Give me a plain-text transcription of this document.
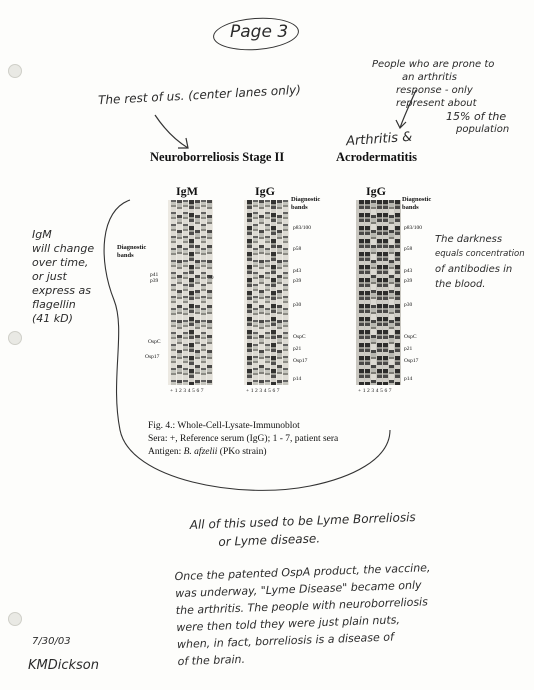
Page 3
The rest of us. (center lanes only)
People who are prone to
an arthritis
response - only
represent about
15% of the
population
Arthritis &
Neuroborreliosis Stage II	Acrodermatitis
IgM
will change
over time,
or just
express as
flagellin
(41 kD)
IgM
Diagnostic bands
p41
p39	30
OspC
Osp17
+1234567
IgG
Diagnostic bands
p83/100
p58
p43
p39
p30
OspC
p21
Osp17
p14
+1234567
IgG
Diagnostic bands
p83/100
p58
p43
p39
p30
OspC
p21
Osp17
p14
+1234567
The darkness
equals concentration
of antibodies in
the blood.
Fig. 4.: Whole-Cell-Lysate-Immunoblot
Sera: +, Reference serum (IgG); 1 - 7, patient sera
Antigen: B. afzelii (PKo strain)
All of this used to be Lyme Borreliosis
or Lyme disease.
Once the patented OspA product, the vaccine,
was underway, "Lyme Disease" became only
the arthritis. The people with neuroborreliosis
were then told they were just plain nuts,
when, in fact, borreliosis is a disease of
of the brain.
7/30/03
KMDickson
